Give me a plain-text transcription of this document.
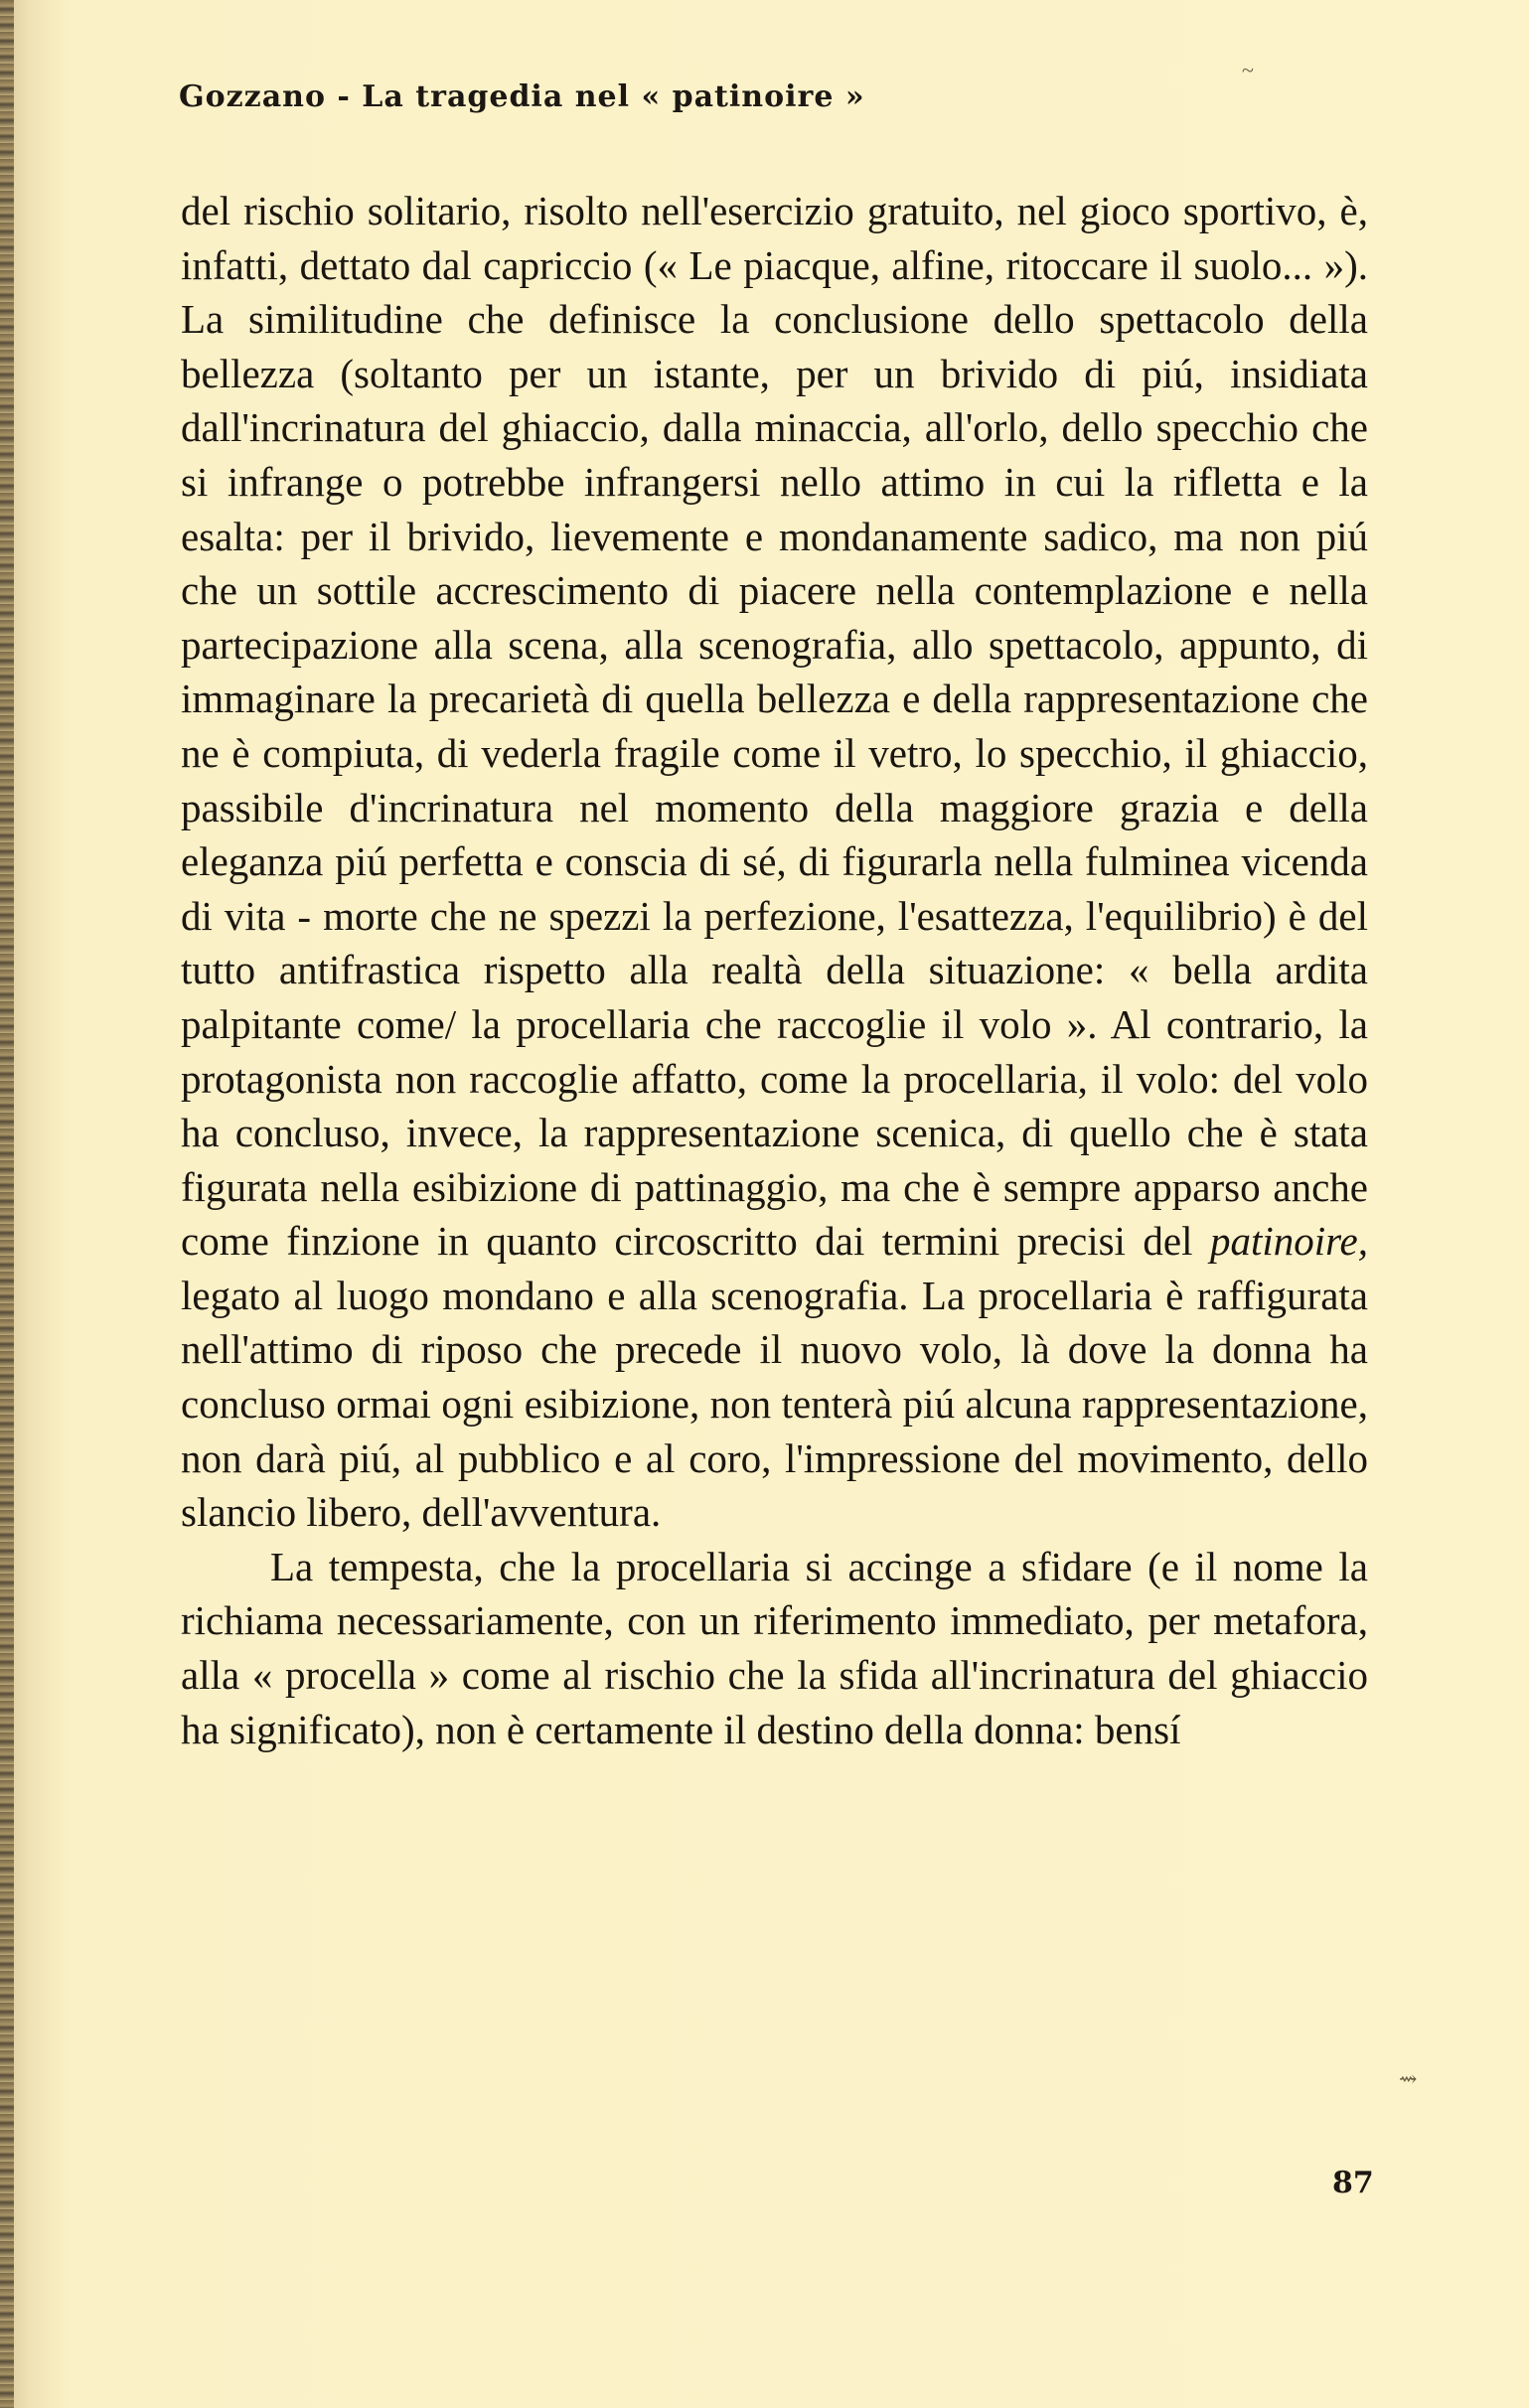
Gozzano - La tragedia nel « patinoire »

del rischio solitario, risolto nell'esercizio gratuito, nel gioco sportivo, è, infatti, dettato dal capriccio (« Le piacque, alfine, ritoccare il suolo... »). La similitudine che definisce la conclusione dello spettacolo della bellezza (soltanto per un istante, per un brivido di piú, insidiata dall'incrinatura del ghiaccio, dalla minaccia, all'orlo, dello specchio che si infrange o potrebbe infrangersi nello attimo in cui la rifletta e la esalta: per il brivido, lievemente e mondanamente sadico, ma non piú che un sottile accrescimento di piacere nella contemplazione e nella partecipazione alla scena, alla scenografia, allo spettacolo, appunto, di immaginare la precarietà di quella bellezza e della rappresentazione che ne è compiuta, di vederla fragile come il vetro, lo specchio, il ghiaccio, passibile d'incrinatura nel momento della maggiore grazia e della eleganza piú perfetta e conscia di sé, di figurarla nella fulminea vicenda di vita - morte che ne spezzi la perfezione, l'esattezza, l'equilibrio) è del tutto antifrastica rispetto alla realtà della situazione: « bella ardita palpitante come/ la procellaria che raccoglie il volo ». Al contrario, la protagonista non raccoglie affatto, come la procellaria, il volo: del volo ha concluso, invece, la rappresentazione scenica, di quello che è stata figurata nella esibizione di pattinaggio, ma che è sempre apparso anche come finzione in quanto circoscritto dai termini precisi del patinoire, legato al luogo mondano e alla scenografia. La procellaria è raffigurata nell'attimo di riposo che precede il nuovo volo, là dove la donna ha concluso ormai ogni esibizione, non tenterà piú alcuna rappresentazione, non darà piú, al pubblico e al coro, l'impressione del movimento, dello slancio libero, dell'avventura.

La tempesta, che la procellaria si accinge a sfidare (e il nome la richiama necessariamente, con un riferimento immediato, per metafora, alla « procella » come al rischio che la sfida all'incrinatura del ghiaccio ha significato), non è certamente il destino della donna: bensí

87
~
⇝
